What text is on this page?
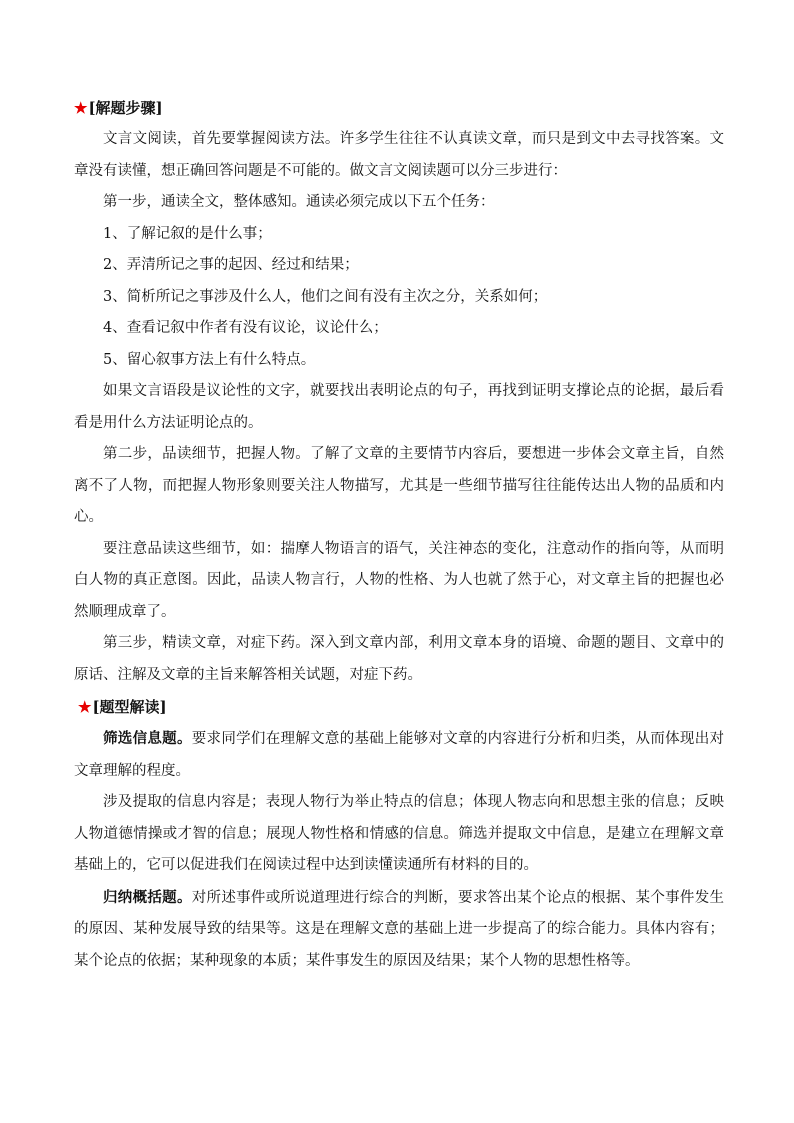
★[解题步骤]

文言文阅读，首先要掌握阅读方法。许多学生往往不认真读文章，而只是到文中去寻找答案。文章没有读懂，想正确回答问题是不可能的。做文言文阅读题可以分三步进行：

第一步，通读全文，整体感知。通读必须完成以下五个任务：

1、了解记叙的是什么事；

2、弄清所记之事的起因、经过和结果；

3、简析所记之事涉及什么人，他们之间有没有主次之分，关系如何；

4、查看记叙中作者有没有议论，议论什么；

5、留心叙事方法上有什么特点。

如果文言语段是议论性的文字，就要找出表明论点的句子，再找到证明支撑论点的论据，最后看看是用什么方法证明论点的。

第二步，品读细节，把握人物。了解了文章的主要情节内容后，要想进一步体会文章主旨，自然离不了人物，而把握人物形象则要关注人物描写，尤其是一些细节描写往往能传达出人物的品质和内心。

要注意品读这些细节，如：揣摩人物语言的语气，关注神态的变化，注意动作的指向等，从而明白人物的真正意图。因此，品读人物言行，人物的性格、为人也就了然于心，对文章主旨的把握也必然顺理成章了。

第三步，精读文章，对症下药。深入到文章内部，利用文章本身的语境、命题的题目、文章中的原话、注解及文章的主旨来解答相关试题，对症下药。

★[题型解读]

筛选信息题。要求同学们在理解文意的基础上能够对文章的内容进行分析和归类，从而体现出对文章理解的程度。

涉及提取的信息内容是；表现人物行为举止特点的信息；体现人物志向和思想主张的信息；反映人物道德情操或才智的信息；展现人物性格和情感的信息。筛选并提取文中信息，是建立在理解文章基础上的，它可以促进我们在阅读过程中达到读懂读通所有材料的目的。

归纳概括题。对所述事件或所说道理进行综合的判断，要求答出某个论点的根据、某个事件发生的原因、某种发展导致的结果等。这是在理解文意的基础上进一步提高了的综合能力。具体内容有；某个论点的依据；某种现象的本质；某件事发生的原因及结果；某个人物的思想性格等。
